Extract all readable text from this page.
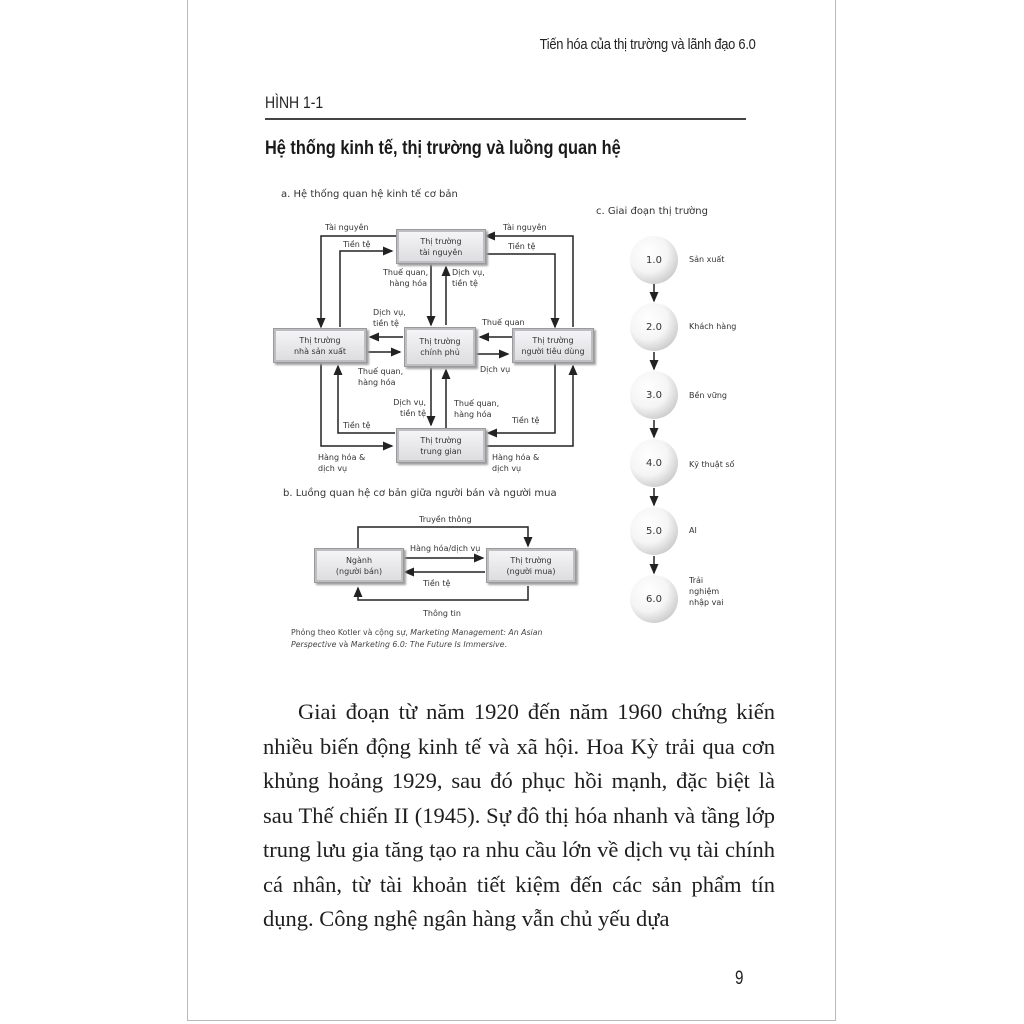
Tiến hóa của thị trường và lãnh đạo 6.0
HÌNH 1-1
Hệ thống kinh tế, thị trường và luồng quan hệ
a. Hệ thống quan hệ kinh tế cơ bản
Thị trường
tài nguyên
Thị trường
nhà sản xuất
Thị trường
chính phủ
Thị trường
người tiêu dùng
Thị trường
trung gian
Tài nguyên
Tiền tệ
Tài nguyên
Tiền tệ
Thuế quan,
hàng hóa
Dịch vụ,
tiền tệ
Dịch vụ,
tiền tệ	Thuế quan
Thuế quan,
hàng hóa
Dịch vụ
Dịch vụ,
tiền tệ
Thuế quan,
hàng hóa
Tiền tệ
Tiền tệ
Hàng hóa &
dịch vụ
Hàng hóa &
dịch vụ
b. Luồng quan hệ cơ bản giữa người bán và người mua
Ngành
(người bán)
Thị trường
(người mua)
Truyền thông
Hàng hóa/dịch vụ
Tiền tệ
Thông tin
Phỏng theo Kotler và cộng sự, Marketing Management: An Asian Perspective và Marketing 6.0: The Future Is Immersive.
c. Giai đoạn thị trường
1.0	Sản xuất
2.0	Khách hàng
3.0	Bền vững
4.0	Kỹ thuật số
5.0	AI
6.0
Trải nghiệm nhập vai

Giai đoạn từ năm 1920 đến năm 1960 chứng kiến nhiều biến động kinh tế và xã hội. Hoa Kỳ trải qua cơn khủng hoảng 1929, sau đó phục hồi mạnh, đặc biệt là sau Thế chiến II (1945). Sự đô thị hóa nhanh và tầng lớp trung lưu gia tăng tạo ra nhu cầu lớn về dịch vụ tài chính cá nhân, từ tài khoản tiết kiệm đến các sản phẩm tín dụng. Công nghệ ngân hàng vẫn chủ yếu dựa

9
